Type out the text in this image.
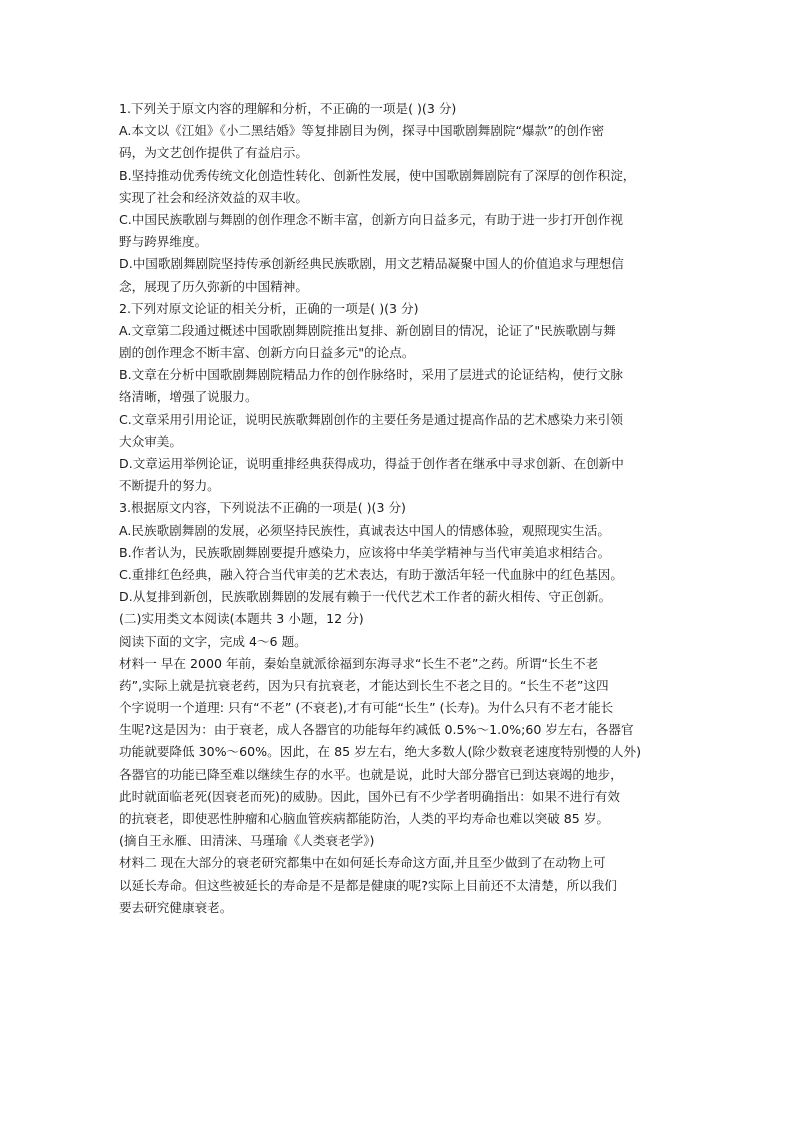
1.下列关于原文内容的理解和分析，不正确的一项是( )(3 分)
A.本文以《江姐》《小二黑结婚》等复排剧目为例，探寻中国歌剧舞剧院“爆款”的创作密
码，为文艺创作提供了有益启示。
B.坚持推动优秀传统文化创造性转化、创新性发展，使中国歌剧舞剧院有了深厚的创作积淀，
实现了社会和经济效益的双丰收。
C.中国民族歌剧与舞剧的创作理念不断丰富，创新方向日益多元，有助于进一步打开创作视
野与跨界维度。
D.中国歌剧舞剧院坚持传承创新经典民族歌剧，用文艺精品凝聚中国人的价值追求与理想信
念，展现了历久弥新的中国精神。
2.下列对原文论证的相关分析，正确的一项是( )(3 分)
A.文章第二段通过概述中国歌剧舞剧院推出复排、新创剧目的情况，论证了"民族歌剧与舞
剧的创作理念不断丰富、创新方向日益多元"的论点。
B.文章在分析中国歌剧舞剧院精品力作的创作脉络时，采用了层进式的论证结构，使行文脉
络清晰，增强了说服力。
C.文章采用引用论证，说明民族歌舞剧创作的主要任务是通过提高作品的艺术感染力来引领
大众审美。
D.文章运用举例论证，说明重排经典获得成功，得益于创作者在继承中寻求创新、在创新中
不断提升的努力。
3.根据原文内容，下列说法不正确的一项是( )(3 分)
A.民族歌剧舞剧的发展，必须坚持民族性，真诚表达中国人的情感体验，观照现实生活。
B.作者认为，民族歌剧舞剧要提升感染力，应该将中华美学精神与当代审美追求相结合。
C.重排红色经典，融入符合当代审美的艺术表达，有助于激活年轻一代血脉中的红色基因。
D.从复排到新创，民族歌剧舞剧的发展有赖于一代代艺术工作者的薪火相传、守正创新。
(二)实用类文本阅读(本题共 3 小题，12 分)
阅读下面的文字，完成 4～6 题。
材料一 早在 2000 年前，秦始皇就派徐福到东海寻求“长生不老”之药。所谓“长生不老
药”,实际上就是抗衰老药，因为只有抗衰老，才能达到长生不老之目的。“长生不老”这四
个字说明一个道理: 只有“不老” (不衰老),才有可能“长生” (长寿)。为什么只有不老才能长
生呢?这是因为：由于衰老，成人各器官的功能每年约减低 0.5%～1.0%;60 岁左右，各器官
功能就要降低 30%～60%。因此，在 85 岁左右，绝大多数人(除少数衰老速度特别慢的人外)
各器官的功能已降至难以继续生存的水平。也就是说，此时大部分器官已到达衰竭的地步，
此时就面临老死(因衰老而死)的威胁。因此，国外已有不少学者明确指出：如果不进行有效
的抗衰老，即使恶性肿瘤和心脑血管疾病都能防治，人类的平均寿命也难以突破 85 岁。
(摘自王永雁、田清涞、马瑾瑜《人类衰老学》)
材料二 现在大部分的衰老研究都集中在如何延长寿命这方面,并且至少做到了在动物上可
以延长寿命。但这些被延长的寿命是不是都是健康的呢?实际上目前还不太清楚，所以我们
要去研究健康衰老。
